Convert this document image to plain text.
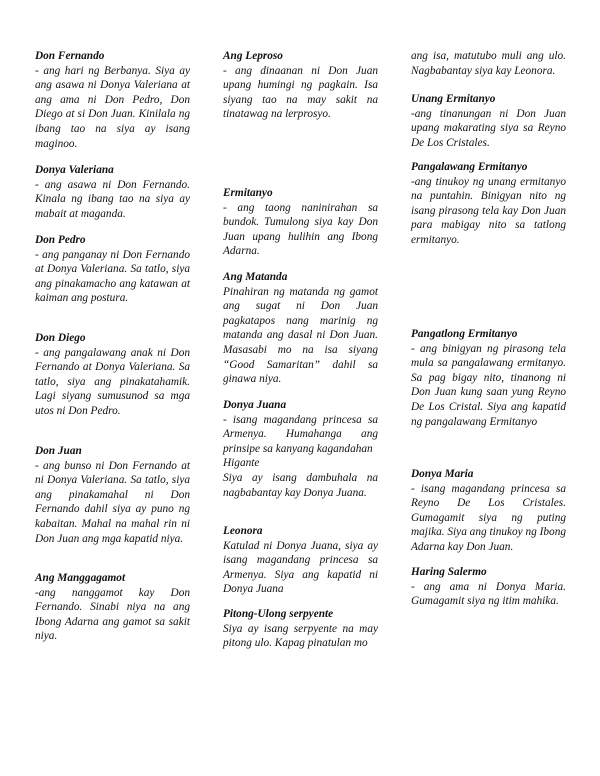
Don Fernando
- ang hari ng Berbanya. Siya ay ang asawa ni Donya Valeriana at ang ama ni Don Pedro, Don Diego at si Don Juan. Kinilala ng ibang tao na siya ay isang maginoo.
Donya Valeriana
- ang asawa ni Don Fernando. Kinala ng ibang tao na siya ay mabait at maganda.
Don Pedro
- ang panganay ni Don Fernando at Donya Valeriana. Sa tatlo, siya ang pinakamacho ang katawan at kaiman ang postura.
Don Diego
- ang pangalawang anak ni Don Fernando at Donya Valeriana. Sa tatlo, siya ang pinakatahamik. Lagi siyang sumusunod sa mga utos ni Don Pedro.
Don Juan
- ang bunso ni Don Fernando at ni Donya Valeriana. Sa tatlo, siya ang pinakamahal ni Don Fernando dahil siya ay puno ng kabaitan. Mahal na mahal rin ni Don Juan ang mga kapatid niya.
Ang Manggagamot
-ang nanggamot kay Don Fernando. Sinabi niya na ang Ibong Adarna ang gamot sa sakit niya.
Ang Leproso
- ang dinaanan ni Don Juan upang humingi ng pagkain. Isa siyang tao na may sakit na tinatawag na lerprosyo.
Ermitanyo
- ang taong naninirahan sa bundok. Tumulong siya kay Don Juan upang hulihin ang Ibong Adarna.
Ang Matanda
Pinahiran ng matanda ng gamot ang sugat ni Don Juan pagkatapos nang marinig ng matanda ang dasal ni Don Juan. Masasabi mo na isa siyang “Good Samaritan” dahil sa ginawa niya.
Donya Juana
- isang magandang princesa sa Armenya. Humahanga ang prinsipe sa kanyang kagandahan
Higante
Siya ay isang dambuhala na nagbabantay kay Donya Juana.
Leonora
Katulad ni Donya Juana, siya ay isang magandang princesa sa Armenya. Siya ang kapatid ni Donya Juana
Pitong-Ulong serpyente
Siya ay isang serpyente na may pitong ulo. Kapag pinatulan mo
ang isa, matutubo muli ang ulo. Nagbabantay siya kay Leonora.
Unang Ermitanyo
-ang tinanungan ni Don Juan upang makarating siya sa Reyno De Los Cristales.
Pangalawang Ermitanyo
-ang tinukoy ng unang ermitanyo na puntahin. Binigyan nito ng isang pirasong tela kay Don Juan para mabigay nito sa tatlong ermitanyo.
Pangatlong Ermitanyo
- ang binigyan ng pirasong tela mula sa pangalawang ermitanyo. Sa pag bigay nito, tinanong ni Don Juan kung saan yung Reyno De Los Cristal. Siya ang kapatid ng pangalawang Ermitanyo
Donya Maria
- isang magandang princesa sa Reyno De Los Cristales. Gumagamit siya ng puting majika. Siya ang tinukoy ng Ibong Adarna kay Don Juan.
Haring Salermo
- ang ama ni Donya Maria. Gumagamit siya ng itim mahika.
